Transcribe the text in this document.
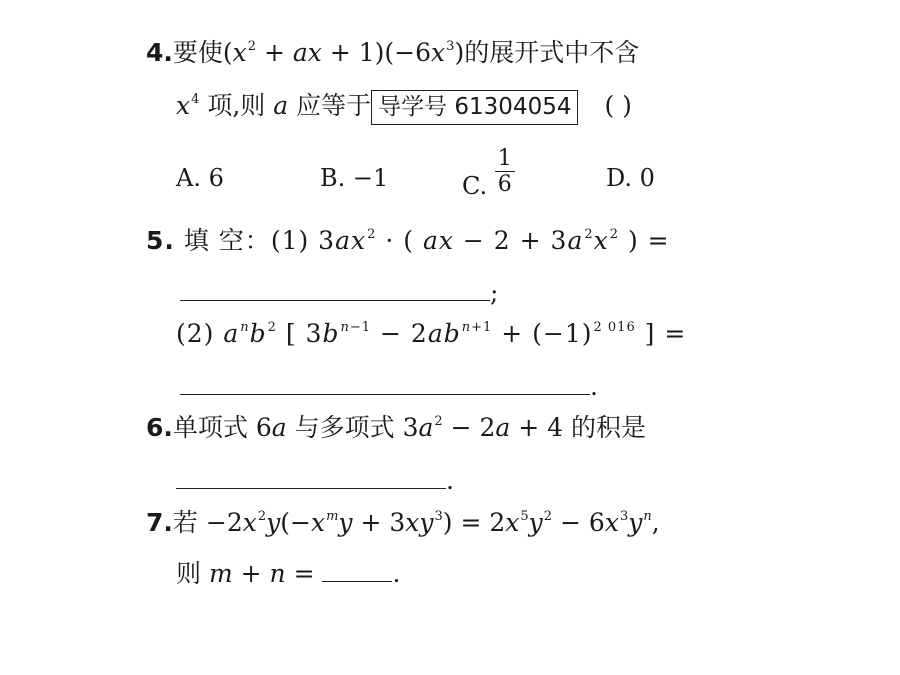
4.要使($x^2$ + ax + $1)(-6x^3)$的展开式中不含
$x^4$ 项,则 a 应等于 导学号 61304054 ( )
A. 6	B. −1	C. $\frac{1}{6}$	D. 0
5. 填 空：(1) $3ax^2$ · ( ax − $2 + 3a^2x^2$ ) =
;
(2) $a^nb^2$ [ $3b^{n-1} - 2ab^{n+1} + (-1)^{2 016}$ ] =
.
6.单项式 6a 与多项式 $3a^2 - 2a + 4$ 的积是
.
7.若 $-2x^2y(-x^my + 3xy^3) = 2x^5y^2 - 6x^3y^n$,
则 m + n =	.
